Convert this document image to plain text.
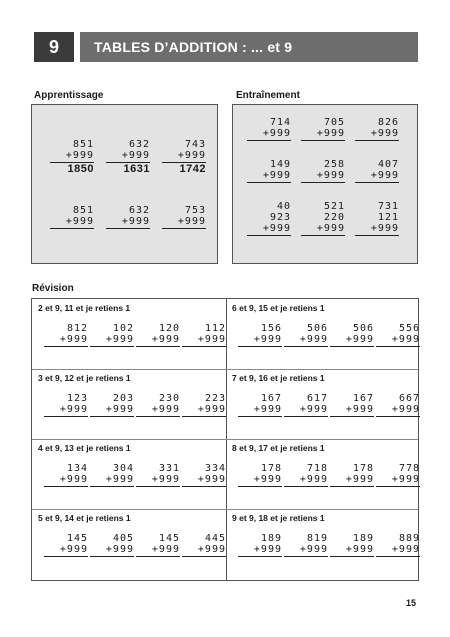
9	TABLES D’ADDITION : ... et 9
Apprentissage	Entraînement
Révision
851
+999
1850
632
+999
1631
743
+999
1742
851
+999

632
+999

753
+999

714
+999
705
+999
826
+999
149
+999
258
+999
407
+999
40
923
+999
521
220
+999
731
121
+999
2 et 9, 11 et je retiens 1
812
+999
102
+999
120
+999
112
+999
6 et 9, 15 et je retiens 1
156
+999
506
+999
506
+999
556
+999
3 et 9, 12 et je retiens 1
123
+999
203
+999
230
+999
223
+999
7 et 9, 16 et je retiens 1
167
+999
617
+999
167
+999
667
+999
4 et 9, 13 et je retiens 1
134
+999
304
+999
331
+999
334
+999
8 et 9, 17 et je retiens 1
178
+999
718
+999
178
+999
778
+999
5 et 9, 14 et je retiens 1
145
+999
405
+999
145
+999
445
+999
9 et 9, 18 et je retiens 1
189
+999
819
+999
189
+999
889
+999
15
